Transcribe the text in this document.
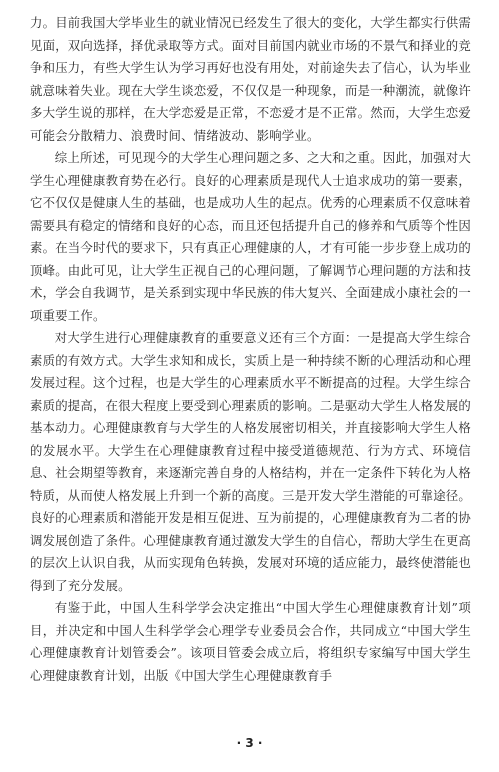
力。目前我国大学毕业生的就业情况已经发生了很大的变化，大学生都实行供需见面，双向选择，择优录取等方式。面对目前国内就业市场的不景气和择业的竞争和压力，有些大学生认为学习再好也没有用处，对前途失去了信心，认为毕业就意味着失业。现在大学生谈恋爱，不仅仅是一种现象，而是一种潮流，就像许多大学生说的那样，在大学恋爱是正常，不恋爱才是不正常。然而，大学生恋爱可能会分散精力、浪费时间、情绪波动、影响学业。

综上所述，可见现今的大学生心理问题之多、之大和之重。因此，加强对大学生心理健康教育势在必行。良好的心理素质是现代人士追求成功的第一要素，它不仅仅是健康人生的基础，也是成功人生的起点。优秀的心理素质不仅意味着需要具有稳定的情绪和良好的心态，而且还包括提升自己的修养和气质等个性因素。在当今时代的要求下，只有真正心理健康的人，才有可能一步步登上成功的顶峰。由此可见，让大学生正视自己的心理问题，了解调节心理问题的方法和技术，学会自我调节，是关系到实现中华民族的伟大复兴、全面建成小康社会的一项重要工作。

对大学生进行心理健康教育的重要意义还有三个方面：一是提高大学生综合素质的有效方式。大学生求知和成长，实质上是一种持续不断的心理活动和心理发展过程。这个过程，也是大学生的心理素质水平不断提高的过程。大学生综合素质的提高，在很大程度上要受到心理素质的影响。二是驱动大学生人格发展的基本动力。心理健康教育与大学生的人格发展密切相关，并直接影响大学生人格的发展水平。大学生在心理健康教育过程中接受道德规范、行为方式、环境信息、社会期望等教育，来逐渐完善自身的人格结构，并在一定条件下转化为人格特质，从而使人格发展上升到一个新的高度。三是开发大学生潜能的可靠途径。良好的心理素质和潜能开发是相互促进、互为前提的，心理健康教育为二者的协调发展创造了条件。心理健康教育通过激发大学生的自信心，帮助大学生在更高的层次上认识自我，从而实现角色转换，发展对环境的适应能力，最终使潜能也得到了充分发展。

有鉴于此，中国人生科学学会决定推出“中国大学生心理健康教育计划”项目，并决定和中国人生科学学会心理学专业委员会合作，共同成立“中国大学生心理健康教育计划管委会”。该项目管委会成立后，将组织专家编写中国大学生心理健康教育计划，出版《中国大学生心理健康教育手

· 3 ·
